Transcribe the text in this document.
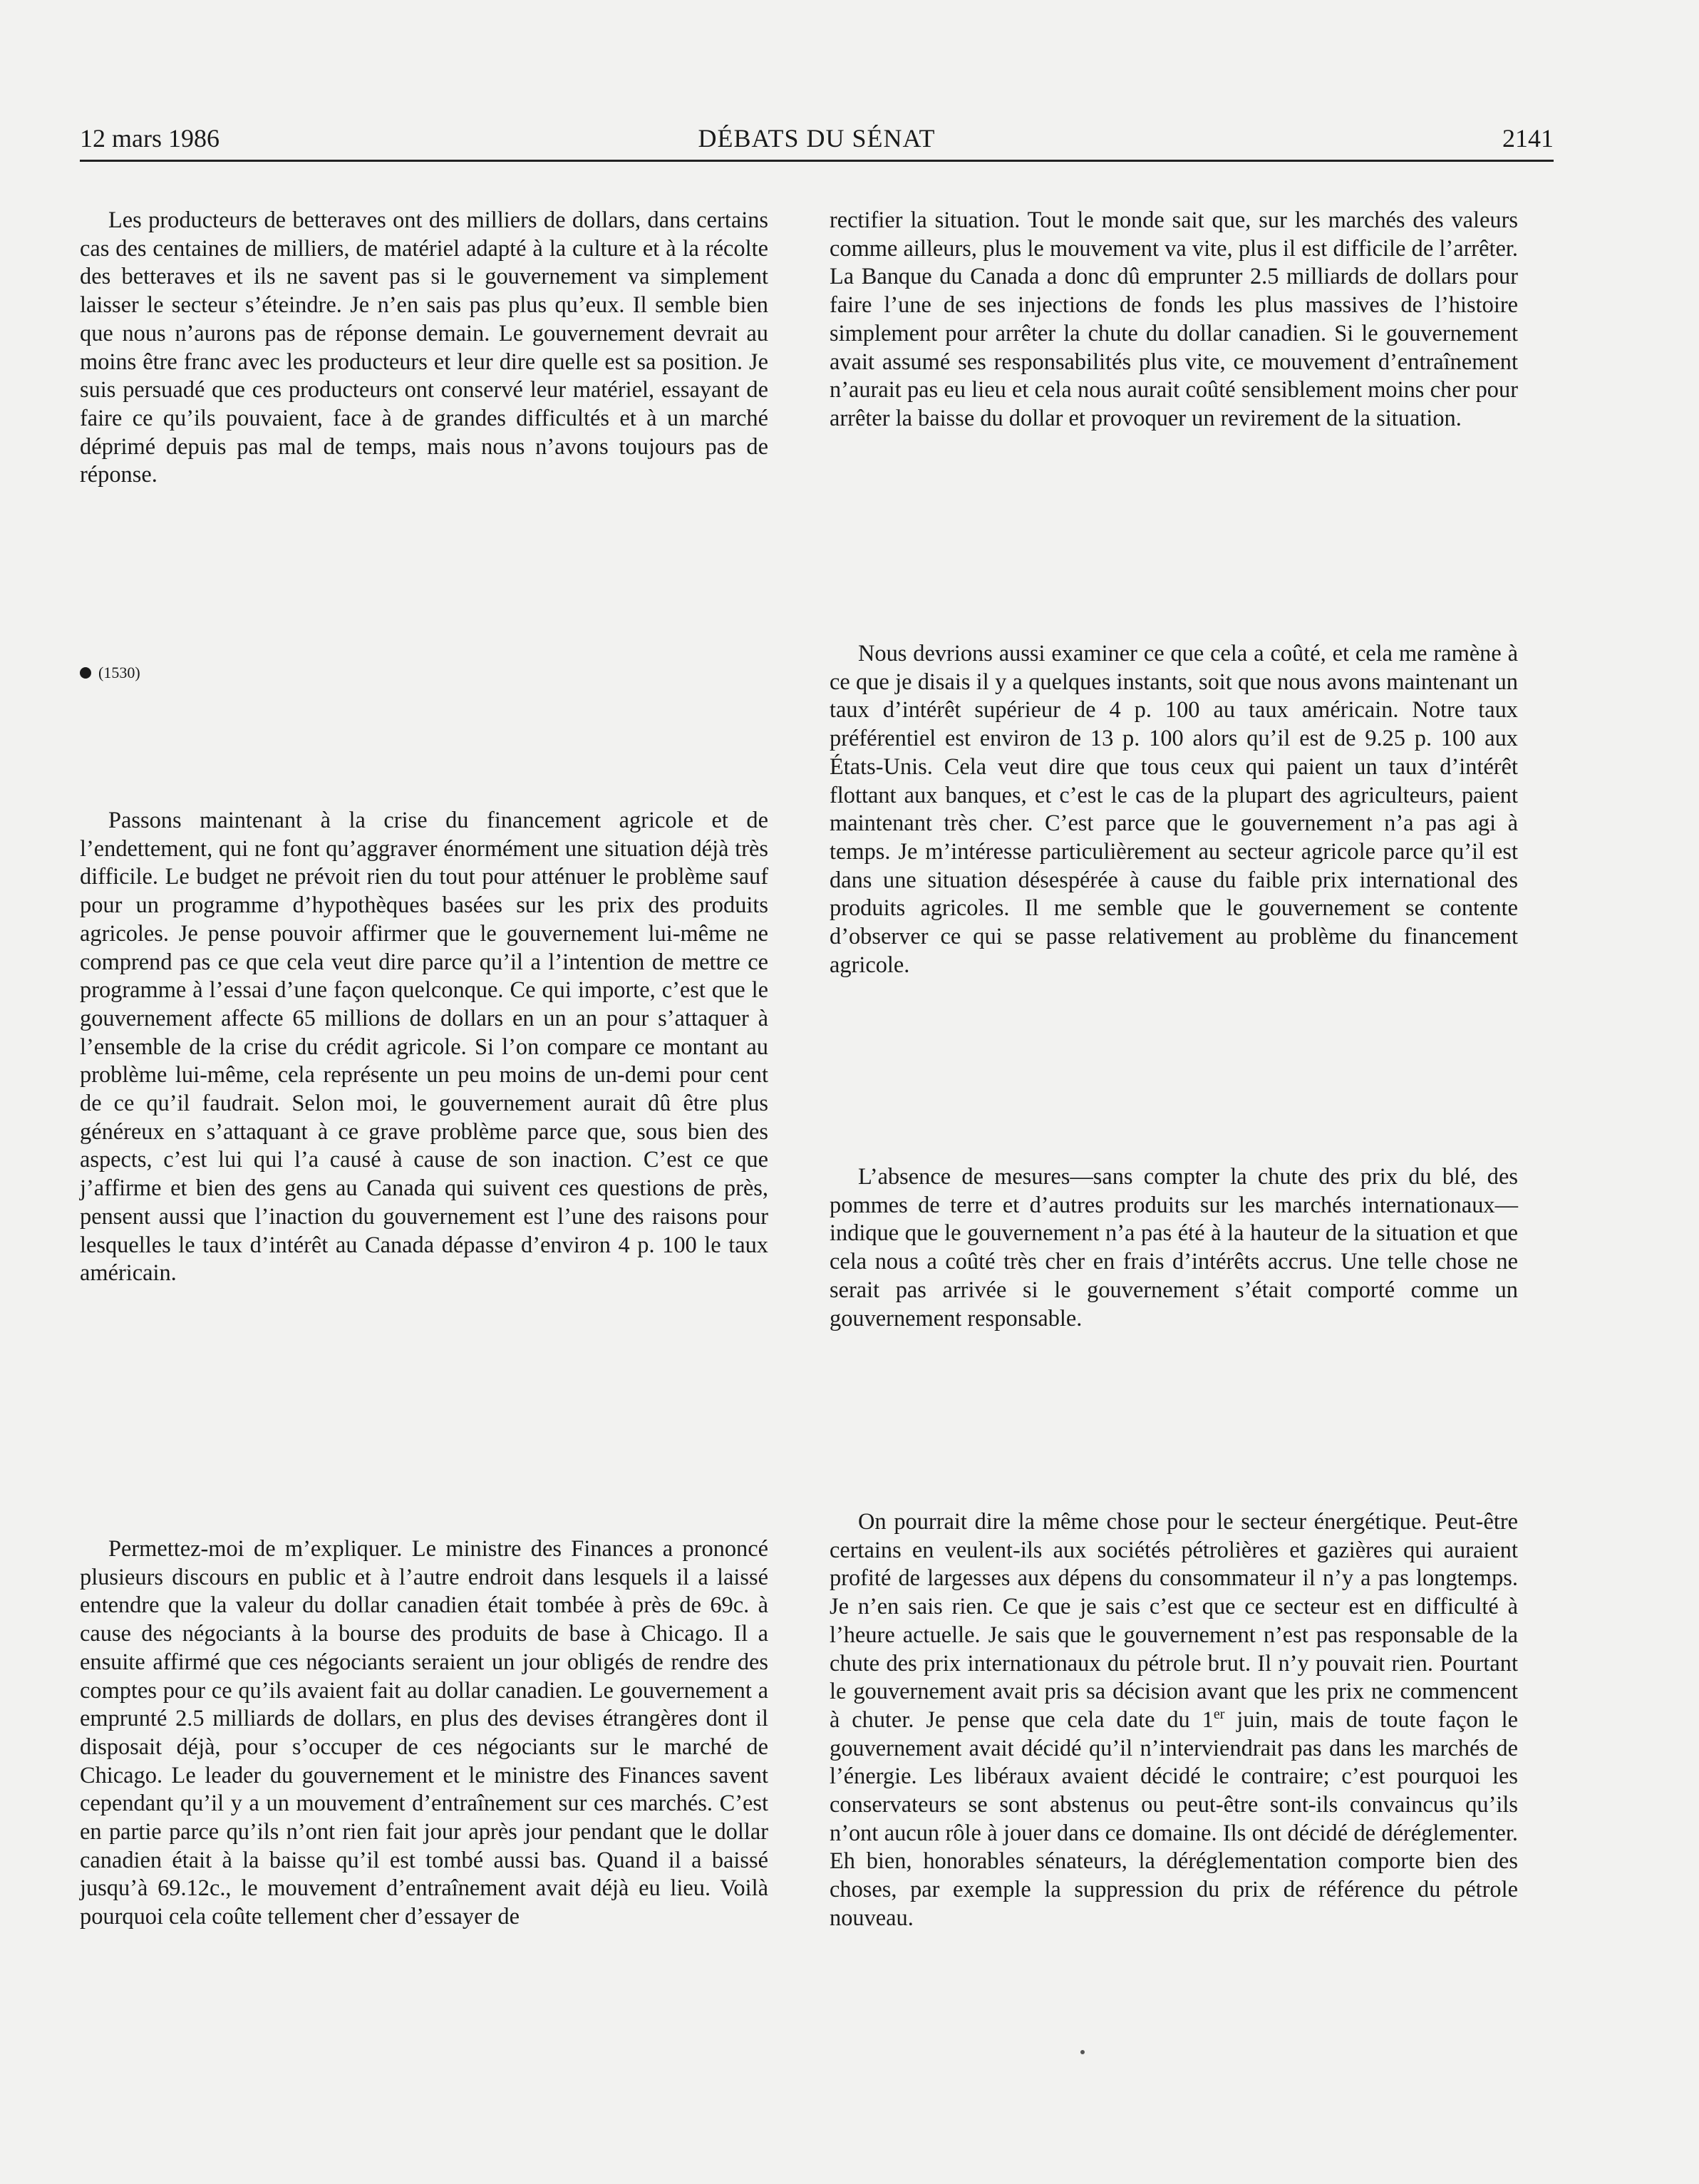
12 mars 1986	DÉBATS DU SÉNAT	2141

Les producteurs de betteraves ont des milliers de dollars, dans certains cas des centaines de milliers, de matériel adapté à la culture et à la récolte des betteraves et ils ne savent pas si le gouvernement va simplement laisser le secteur s’éteindre. Je n’en sais pas plus qu’eux. Il semble bien que nous n’aurons pas de réponse demain. Le gouvernement devrait au moins être franc avec les producteurs et leur dire quelle est sa position. Je suis persuadé que ces producteurs ont conservé leur matériel, essayant de faire ce qu’ils pouvaient, face à de grandes difficultés et à un marché déprimé depuis pas mal de temps, mais nous n’avons toujours pas de réponse.

(1530)

Passons maintenant à la crise du financement agricole et de l’endettement, qui ne font qu’aggraver énormément une situation déjà très difficile. Le budget ne prévoit rien du tout pour atténuer le problème sauf pour un programme d’hypothèques basées sur les prix des produits agricoles. Je pense pouvoir affirmer que le gouvernement lui-même ne comprend pas ce que cela veut dire parce qu’il a l’intention de mettre ce programme à l’essai d’une façon quelconque. Ce qui importe, c’est que le gouvernement affecte 65 millions de dollars en un an pour s’attaquer à l’ensemble de la crise du crédit agricole. Si l’on compare ce montant au problème lui-même, cela représente un peu moins de un-demi pour cent de ce qu’il faudrait. Selon moi, le gouvernement aurait dû être plus généreux en s’attaquant à ce grave problème parce que, sous bien des aspects, c’est lui qui l’a causé à cause de son inaction. C’est ce que j’affirme et bien des gens au Canada qui suivent ces questions de près, pensent aussi que l’inaction du gouvernement est l’une des raisons pour lesquelles le taux d’intérêt au Canada dépasse d’environ 4 p. 100 le taux américain.

Permettez-moi de m’expliquer. Le ministre des Finances a prononcé plusieurs discours en public et à l’autre endroit dans lesquels il a laissé entendre que la valeur du dollar canadien était tombée à près de 69c. à cause des négociants à la bourse des produits de base à Chicago. Il a ensuite affirmé que ces négociants seraient un jour obligés de rendre des comptes pour ce qu’ils avaient fait au dollar canadien. Le gouvernement a emprunté 2.5 milliards de dollars, en plus des devises étrangères dont il disposait déjà, pour s’occuper de ces négociants sur le marché de Chicago. Le leader du gouvernement et le ministre des Finances savent cependant qu’il y a un mouvement d’entraînement sur ces marchés. C’est en partie parce qu’ils n’ont rien fait jour après jour pendant que le dollar canadien était à la baisse qu’il est tombé aussi bas. Quand il a baissé jusqu’à 69.12c., le mouvement d’entraînement avait déjà eu lieu. Voilà pourquoi cela coûte tellement cher d’essayer de

rectifier la situation. Tout le monde sait que, sur les marchés des valeurs comme ailleurs, plus le mouvement va vite, plus il est difficile de l’arrêter. La Banque du Canada a donc dû emprunter 2.5 milliards de dollars pour faire l’une de ses injections de fonds les plus massives de l’histoire simplement pour arrêter la chute du dollar canadien. Si le gouvernement avait assumé ses responsabilités plus vite, ce mouvement d’entraînement n’aurait pas eu lieu et cela nous aurait coûté sensiblement moins cher pour arrêter la baisse du dollar et provoquer un revirement de la situation.

Nous devrions aussi examiner ce que cela a coûté, et cela me ramène à ce que je disais il y a quelques instants, soit que nous avons maintenant un taux d’intérêt supérieur de 4 p. 100 au taux américain. Notre taux préférentiel est environ de 13 p. 100 alors qu’il est de 9.25 p. 100 aux États-Unis. Cela veut dire que tous ceux qui paient un taux d’intérêt flottant aux banques, et c’est le cas de la plupart des agriculteurs, paient maintenant très cher. C’est parce que le gouvernement n’a pas agi à temps. Je m’intéresse particulièrement au secteur agricole parce qu’il est dans une situation désespérée à cause du faible prix international des produits agricoles. Il me semble que le gouvernement se contente d’observer ce qui se passe relativement au problème du financement agricole.

L’absence de mesures—sans compter la chute des prix du blé, des pommes de terre et d’autres produits sur les marchés internationaux—indique que le gouvernement n’a pas été à la hauteur de la situation et que cela nous a coûté très cher en frais d’intérêts accrus. Une telle chose ne serait pas arrivée si le gouvernement s’était comporté comme un gouvernement responsable.

On pourrait dire la même chose pour le secteur énergétique. Peut-être certains en veulent-ils aux sociétés pétrolières et gazières qui auraient profité de largesses aux dépens du consommateur il n’y a pas longtemps. Je n’en sais rien. Ce que je sais c’est que ce secteur est en difficulté à l’heure actuelle. Je sais que le gouvernement n’est pas responsable de la chute des prix internationaux du pétrole brut. Il n’y pouvait rien. Pourtant le gouvernement avait pris sa décision avant que les prix ne commencent à chuter. Je pense que cela date du 1er juin, mais de toute façon le gouvernement avait décidé qu’il n’interviendrait pas dans les marchés de l’énergie. Les libéraux avaient décidé le contraire; c’est pourquoi les conservateurs se sont abstenus ou peut-être sont-ils convaincus qu’ils n’ont aucun rôle à jouer dans ce domaine. Ils ont décidé de déréglementer. Eh bien, honorables sénateurs, la déréglementation comporte bien des choses, par exemple la suppression du prix de référence du pétrole nouveau.
